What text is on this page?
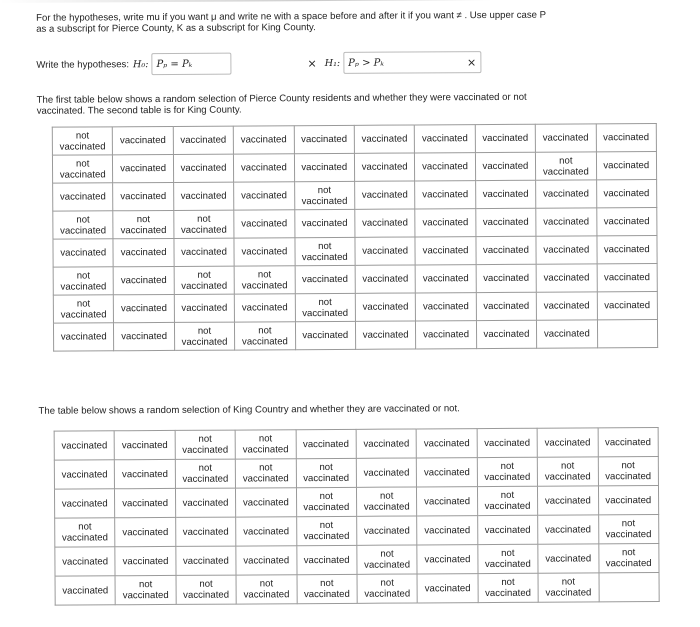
For the hypotheses, write mu if you want μ and write ne with a space before and after it if you want ≠ . Use upper case P as a subscript for Pierce County, K as a subscript for King County.
Write the hypotheses: H₀: Pₚ = Pₖ	× H₁: Pₚ > Pₖ	×
The first table below shows a random selection of Pierce County residents and whether they were vaccinated or not vaccinated. The second table is for King County.
not vaccinated	vaccinated	vaccinated	vaccinated	vaccinated	vaccinated	vaccinated	vaccinated	vaccinated	vaccinated
not vaccinated	vaccinated	vaccinated	vaccinated	vaccinated	vaccinated	vaccinated	vaccinated	not vaccinated	vaccinated
vaccinated	vaccinated	vaccinated	vaccinated	not vaccinated	vaccinated	vaccinated	vaccinated	vaccinated	vaccinated
not vaccinated	not vaccinated	not vaccinated	vaccinated	vaccinated	vaccinated	vaccinated	vaccinated	vaccinated	vaccinated
vaccinated	vaccinated	vaccinated	vaccinated	not vaccinated	vaccinated	vaccinated	vaccinated	vaccinated	vaccinated
not vaccinated	vaccinated	not vaccinated	not vaccinated	vaccinated	vaccinated	vaccinated	vaccinated	vaccinated	vaccinated
not vaccinated	vaccinated	vaccinated	vaccinated	not vaccinated	vaccinated	vaccinated	vaccinated	vaccinated	vaccinated
vaccinated	vaccinated	not vaccinated	not vaccinated	vaccinated	vaccinated	vaccinated	vaccinated	vaccinated	
The table below shows a random selection of King Country and whether they are vaccinated or not.
vaccinated	vaccinated	not vaccinated	not vaccinated	vaccinated	vaccinated	vaccinated	vaccinated	vaccinated	vaccinated
vaccinated	vaccinated	not vaccinated	not vaccinated	not vaccinated	vaccinated	vaccinated	not vaccinated	not vaccinated	not vaccinated
vaccinated	vaccinated	vaccinated	vaccinated	not vaccinated	not vaccinated	vaccinated	not vaccinated	vaccinated	vaccinated
not vaccinated	vaccinated	vaccinated	vaccinated	not vaccinated	vaccinated	vaccinated	vaccinated	vaccinated	not vaccinated
vaccinated	vaccinated	vaccinated	vaccinated	vaccinated	not vaccinated	vaccinated	not vaccinated	vaccinated	not vaccinated
vaccinated	not vaccinated	not vaccinated	not vaccinated	not vaccinated	not vaccinated	vaccinated	not vaccinated	not vaccinated	
